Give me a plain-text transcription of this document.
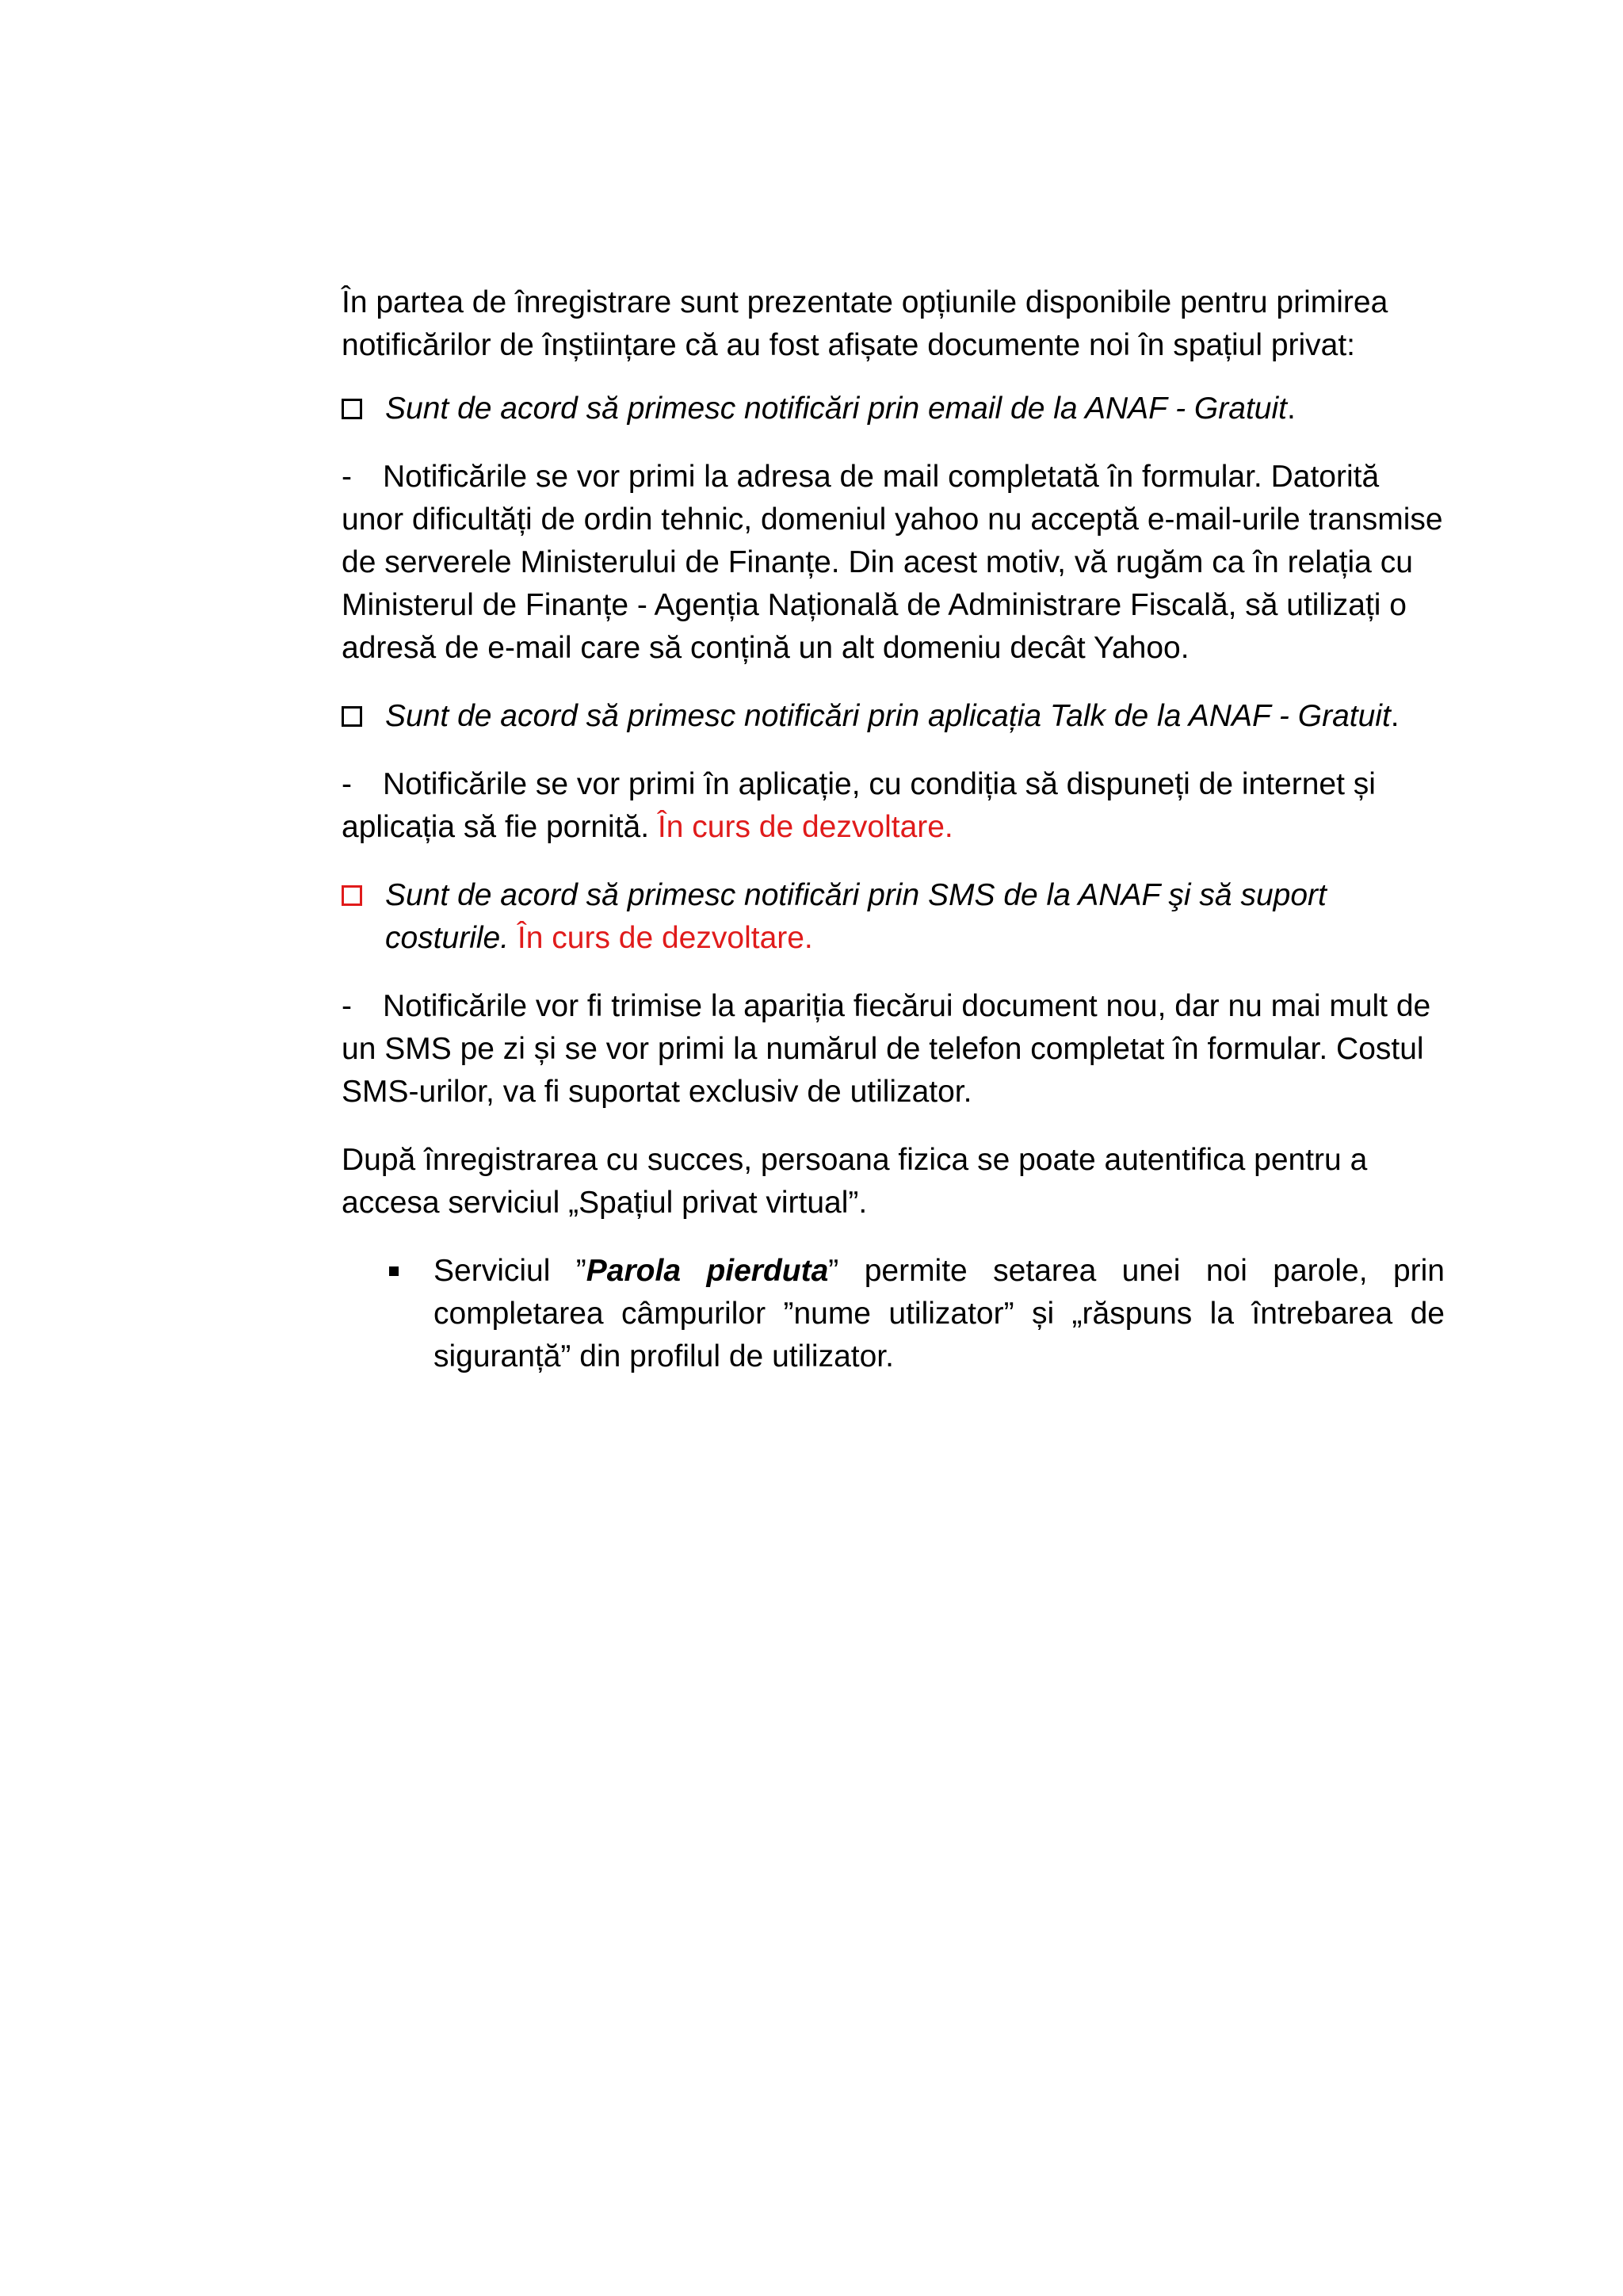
În partea de înregistrare sunt prezentate opțiunile disponibile pentru primirea notificărilor de înștiințare că au fost afișate documente noi în spațiul privat:

Sunt de acord să primesc notificări prin email de la ANAF - Gratuit.

- Notificările se vor primi la adresa de mail completată în formular. Datorită unor dificultăți de ordin tehnic, domeniul yahoo nu acceptă e-mail-urile transmise de serverele Ministerului de Finanțe. Din acest motiv, vă rugăm ca în relația cu Ministerul de Finanțe - Agenția Națională de Administrare Fiscală, să utilizați o adresă de e-mail care să conțină un alt domeniu decât Yahoo.

Sunt de acord să primesc notificări prin aplicația Talk de la ANAF - Gratuit.

- Notificările se vor primi în aplicație, cu condiția să dispuneți de internet și aplicația să fie pornită. În curs de dezvoltare.

Sunt de acord să primesc notificări prin SMS de la ANAF şi să suport costurile. În curs de dezvoltare.

- Notificările vor fi trimise la apariția fiecărui document nou, dar nu mai mult de un SMS pe zi și se vor primi la numărul de telefon completat în formular. Costul SMS-urilor, va fi suportat exclusiv de utilizator.

După înregistrarea cu succes, persoana fizica se poate autentifica pentru a accesa serviciul „Spațiul privat virtual”.

Serviciul ”Parola pierduta” permite setarea unei noi parole, prin completarea câmpurilor ”nume utilizator” și „răspuns la întrebarea de siguranță” din profilul de utilizator.
